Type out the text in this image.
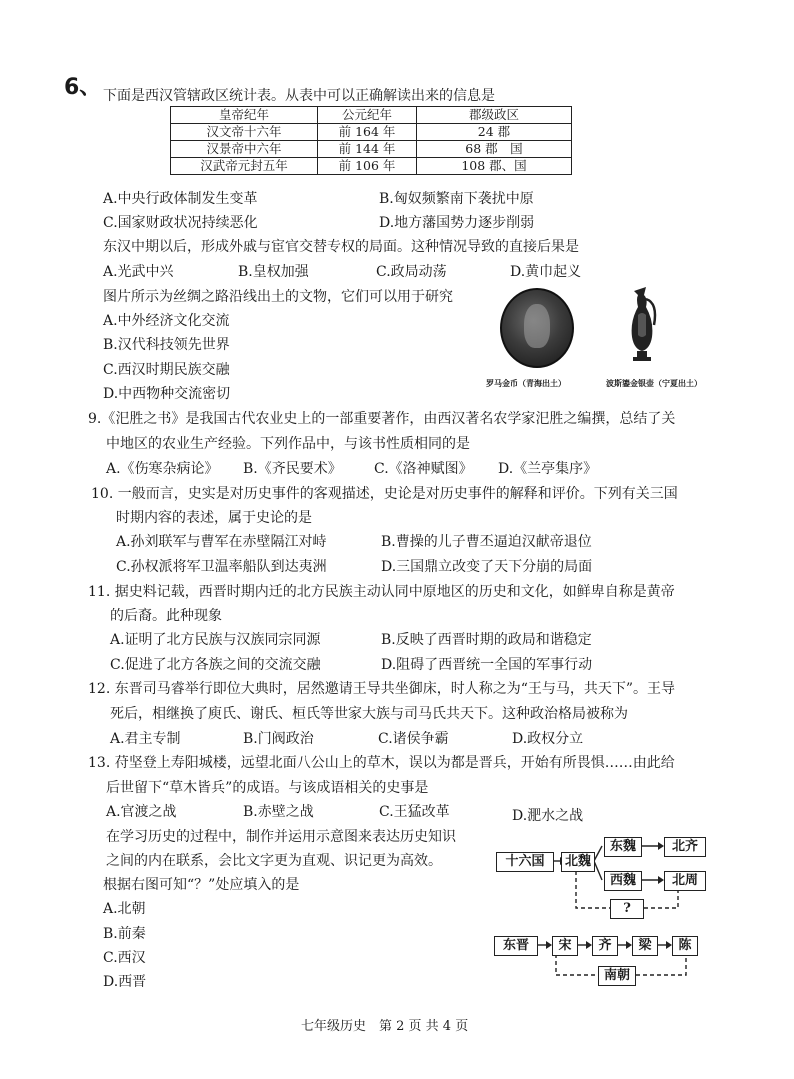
6、 下面是西汉管辖政区统计表。从表中可以正确解读出来的信息是
皇帝纪年	公元纪年	郡级政区
汉文帝十六年	前 164 年	24 郡
汉景帝中六年	前 144 年	68 郡　国
汉武帝元封五年	前 106 年	108 郡、国
A.中央行政体制发生变革	B.匈奴频繁南下袭扰中原
C.国家财政状况持续恶化	D.地方藩国势力逐步削弱
东汉中期以后，形成外戚与宦官交替专权的局面。这种情况导致的直接后果是
A.光武中兴	B.皇权加强	C.政局动荡	D.黄巾起义
图片所示为丝绸之路沿线出土的文物，它们可以用于研究
A.中外经济文化交流
B.汉代科技领先世界
C.西汉时期民族交融
D.中西物种交流密切
罗马金币（青海出土）	波斯鎏金银壶（宁夏出土）
9.《汜胜之书》是我国古代农业史上的一部重要著作，由西汉著名农学家汜胜之编撰，总结了关
中地区的农业生产经验。下列作品中，与该书性质相同的是
A.《伤寒杂病论》 B.《齐民要术》 C.《洛神赋图》 D.《兰亭集序》
10. 一般而言，史实是对历史事件的客观描述，史论是对历史事件的解释和评价。下列有关三国
时期内容的表述，属于史论的是
A.孙刘联军与曹军在赤壁隔江对峙	B.曹操的儿子曹丕逼迫汉献帝退位
C.孙权派将军卫温率船队到达夷洲	D.三国鼎立改变了天下分崩的局面
11. 据史料记载，西晋时期内迁的北方民族主动认同中原地区的历史和文化，如鲜卑自称是黄帝
的后裔。此种现象
A.证明了北方民族与汉族同宗同源	B.反映了西晋时期的政局和谐稳定
C.促进了北方各族之间的交流交融	D.阻碍了西晋统一全国的军事行动
12. 东晋司马睿举行即位大典时，居然邀请王导共坐御床，时人称之为“王与马，共天下”。王导
死后，相继换了庾氏、谢氏、桓氏等世家大族与司马氏共天下。这种政治格局被称为
A.君主专制	B.门阀政治	C.诸侯争霸	D.政权分立
13. 苻坚登上寿阳城楼，远望北面八公山上的草木，误以为都是晋兵，开始有所畏惧……由此给
后世留下“草木皆兵”的成语。与该成语相关的史事是
A.官渡之战	B.赤壁之战	C.王猛改革	D.淝水之战
在学习历史的过程中，制作并运用示意图来表达历史知识
之间的内在联系，会比文字更为直观、识记更为高效。
根据右图可知“？”处应填入的是
A.北朝
B.前秦
C.西汉
D.西晋
十六国	北魏
东魏	北齐
西魏	北周
?
东晋	宋	齐	梁	陈
南朝
七年级历史　第 2 页 共 4 页
